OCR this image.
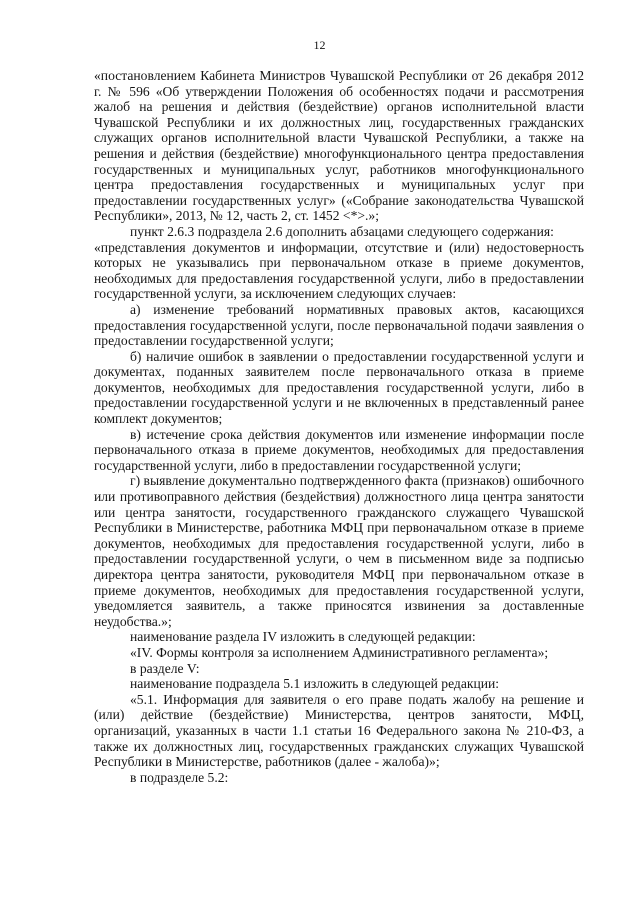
12

«постановлением Кабинета Министров Чувашской Республики от 26 декабря 2012 г. № 596 «Об утверждении Положения об особенностях подачи и рассмотрения жалоб на решения и действия (бездействие) органов исполнительной власти Чувашской Республики и их должностных лиц, государственных гражданских служащих органов исполнительной власти Чувашской Республики, а также на решения и действия (бездействие) многофункционального центра предоставления государственных и муниципальных услуг, работников многофункционального центра предоставления государственных и муниципальных услуг при предоставлении государственных услуг» («Собрание законодательства Чувашской Республики», 2013, № 12, часть 2, ст. 1452 <*>.»;

пункт 2.6.3 подраздела 2.6 дополнить абзацами следующего содержания:

«представления документов и информации, отсутствие и (или) недостоверность которых не указывались при первоначальном отказе в приеме документов, необходимых для предоставления государственной услуги, либо в предоставлении государственной услуги, за исключением следующих случаев:

а) изменение требований нормативных правовых актов, касающихся предоставления государственной услуги, после первоначальной подачи заявления о предоставлении государственной услуги;

б) наличие ошибок в заявлении о предоставлении государственной услуги и документах, поданных заявителем после первоначального отказа в приеме документов, необходимых для предоставления государственной услуги, либо в предоставлении государственной услуги и не включенных в представленный ранее комплект документов;

в) истечение срока действия документов или изменение информации после первоначального отказа в приеме документов, необходимых для предоставления государственной услуги, либо в предоставлении государственной услуги;

г) выявление документально подтвержденного факта (признаков) ошибочного или противоправного действия (бездействия) должностного лица центра занятости или центра занятости, государственного гражданского служащего Чувашской Республики в Министерстве, работника МФЦ при первоначальном отказе в приеме документов, необходимых для предоставления государственной услуги, либо в предоставлении государственной услуги, о чем в письменном виде за подписью директора центра занятости, руководителя МФЦ при первоначальном отказе в приеме документов, необходимых для предоставления государственной услуги, уведомляется заявитель, а также приносятся извинения за доставленные неудобства.»;

наименование раздела IV изложить в следующей редакции:

«IV. Формы контроля за исполнением Административного регламента»;

в разделе V:

наименование подраздела 5.1 изложить в следующей редакции:

«5.1. Информация для заявителя о его праве подать жалобу на решение и (или) действие (бездействие) Министерства, центров занятости, МФЦ, организаций, указанных в части 1.1 статьи 16 Федерального закона № 210-ФЗ, а также их должностных лиц, государственных гражданских служащих Чувашской Республики в Министерстве, работников (далее - жалоба)»;

в подразделе 5.2:
